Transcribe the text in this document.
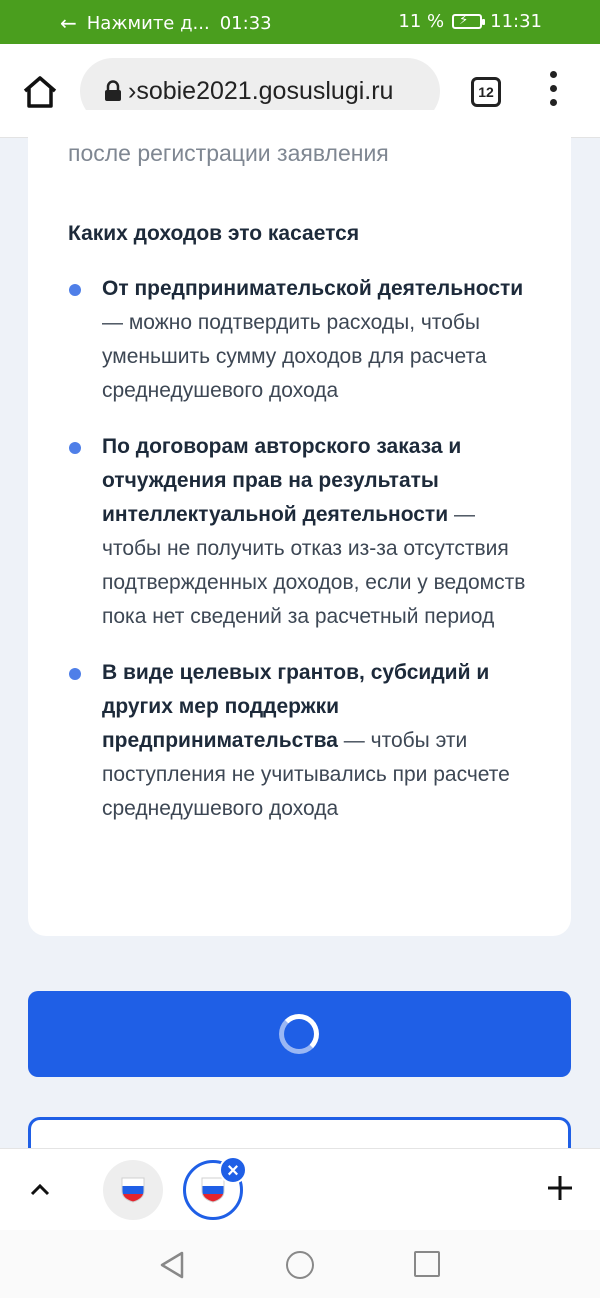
← Нажмите д... 01:33	11 % ⚡ 11:31
›sobie2021.gosuslugi.ru	12
после регистрации заявления
Каких доходов это касается
От предпринимательской деятельности — можно подтвердить расходы, чтобы уменьшить сумму доходов для расчета среднедушевого дохода
По договорам авторского заказа и отчуждения прав на результаты интеллектуальной деятельности — чтобы не получить отказ из-за отсутствия подтвержденных доходов, если у ведомств пока нет сведений за расчетный период
В виде целевых грантов, субсидий и других мер поддержки предпринимательства — чтобы эти поступления не учитывались при расчете среднедушевого дохода
×
